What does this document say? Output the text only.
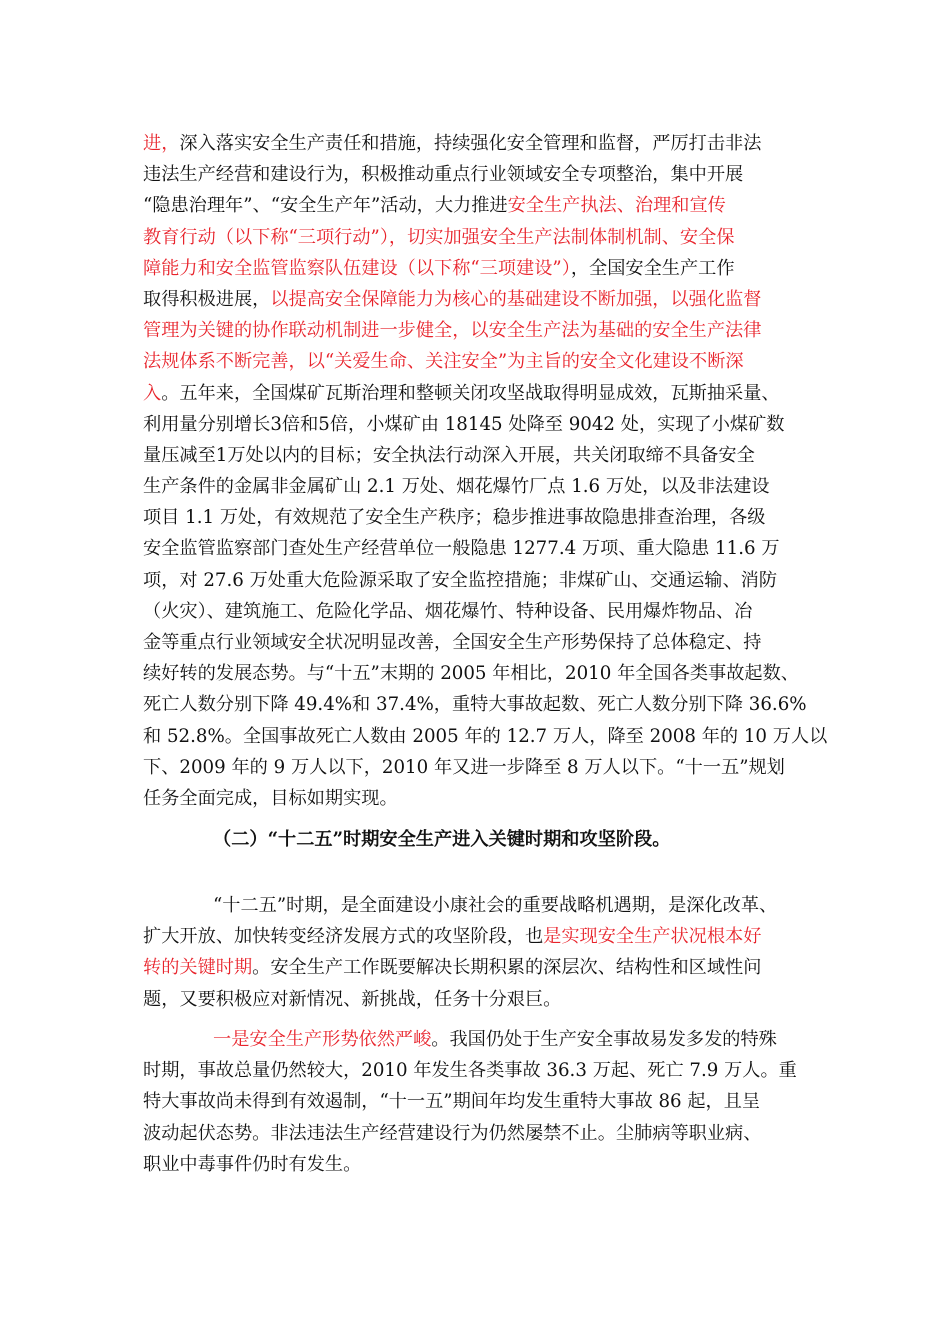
进，深入落实安全生产责任和措施，持续强化安全管理和监督，严厉打击非法
违法生产经营和建设行为，积极推动重点行业领域安全专项整治，集中开展
“隐患治理年”、“安全生产年”活动，大力推进安全生产执法、治理和宣传
教育行动（以下称“三项行动”），切实加强安全生产法制体制机制、安全保
障能力和安全监管监察队伍建设（以下称“三项建设”），全国安全生产工作
取得积极进展，以提高安全保障能力为核心的基础建设不断加强，以强化监督
管理为关键的协作联动机制进一步健全，以安全生产法为基础的安全生产法律
法规体系不断完善，以“关爱生命、关注安全”为主旨的安全文化建设不断深
入。五年来，全国煤矿瓦斯治理和整顿关闭攻坚战取得明显成效，瓦斯抽采量、
利用量分别增长3倍和5倍，小煤矿由 18145 处降至 9042 处，实现了小煤矿数
量压减至1万处以内的目标；安全执法行动深入开展，共关闭取缔不具备安全
生产条件的金属非金属矿山 2.1 万处、烟花爆竹厂点 1.6 万处，以及非法建设
项目 1.1 万处，有效规范了安全生产秩序；稳步推进事故隐患排查治理，各级
安全监管监察部门查处生产经营单位一般隐患 1277.4 万项、重大隐患 11.6 万
项，对 27.6 万处重大危险源采取了安全监控措施；非煤矿山、交通运输、消防
（火灾）、建筑施工、危险化学品、烟花爆竹、特种设备、民用爆炸物品、冶
金等重点行业领域安全状况明显改善，全国安全生产形势保持了总体稳定、持
续好转的发展态势。与“十五”末期的 2005 年相比，2010 年全国各类事故起数、
死亡人数分别下降 49.4%和 37.4%，重特大事故起数、死亡人数分别下降 36.6%
和 52.8%。全国事故死亡人数由 2005 年的 12.7 万人，降至 2008 年的 10 万人以
下、2009 年的 9 万人以下，2010 年又进一步降至 8 万人以下。“十一五”规划
任务全面完成，目标如期实现。
（二）“十二五”时期安全生产进入关键时期和攻坚阶段。
“十二五”时期，是全面建设小康社会的重要战略机遇期，是深化改革、
扩大开放、加快转变经济发展方式的攻坚阶段，也是实现安全生产状况根本好
转的关键时期。安全生产工作既要解决长期积累的深层次、结构性和区域性问
题，又要积极应对新情况、新挑战，任务十分艰巨。
一是安全生产形势依然严峻。我国仍处于生产安全事故易发多发的特殊
时期，事故总量仍然较大，2010 年发生各类事故 36.3 万起、死亡 7.9 万人。重
特大事故尚未得到有效遏制，“十一五”期间年均发生重特大事故 86 起，且呈
波动起伏态势。非法违法生产经营建设行为仍然屡禁不止。尘肺病等职业病、
职业中毒事件仍时有发生。
